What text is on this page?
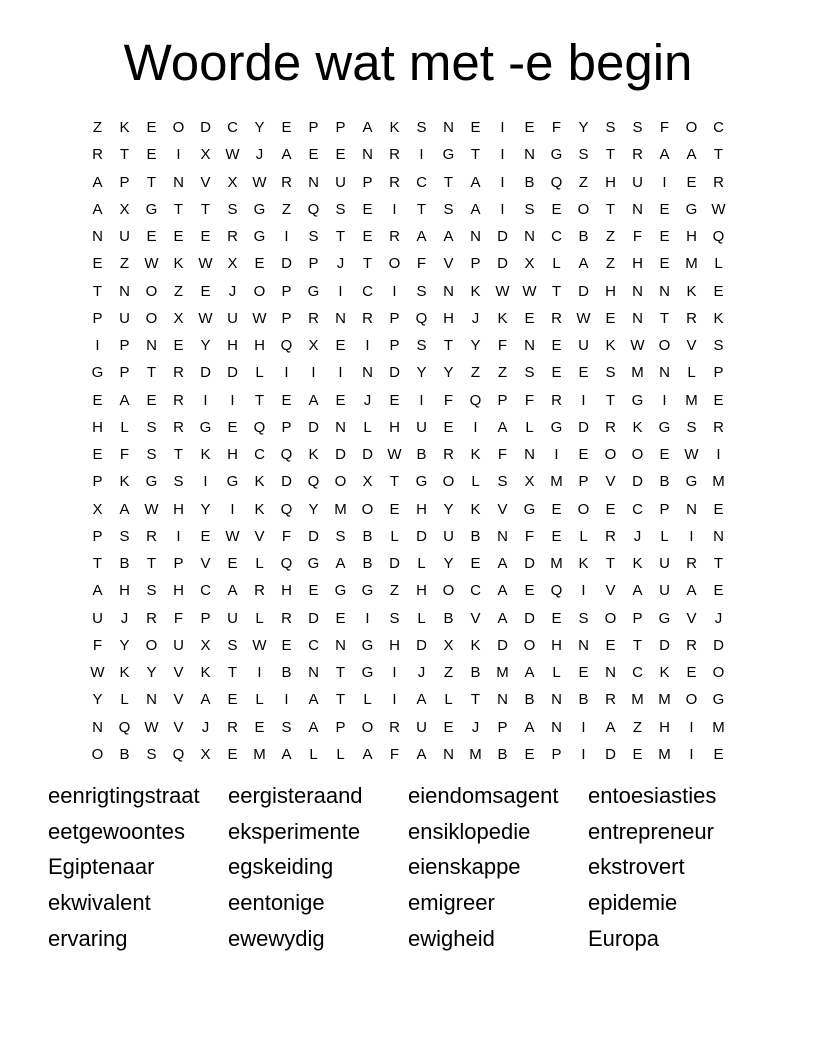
Woorde wat met -e begin
Z	K	E	O	D	C	Y	E	P	P	A	K	S	N	E	I	E	F	Y	S	S	F	O	C
R	T	E	I	X	W	J	A	E	E	N	R	I	G	T	I	N	G	S	T	R	A	A	T
A	P	T	N	V	X	W	R	N	U	P	R	C	T	A	I	B	Q	Z	H	U	I	E	R
A	X	G	T	T	S	G	Z	Q	S	E	I	T	S	A	I	S	E	O	T	N	E	G	W
N	U	E	E	E	R	G	I	S	T	E	R	A	A	N	D	N	C	B	Z	F	E	H	Q
E	Z	W	K	W	X	E	D	P	J	T	O	F	V	P	D	X	L	A	Z	H	E	M	L
T	N	O	Z	E	J	O	P	G	I	C	I	S	N	K	W	W	T	D	H	N	N	K	E
P	U	O	X	W	U	W	P	R	N	R	P	Q	H	J	K	E	R	W	E	N	T	R	K
I	P	N	E	Y	H	H	Q	X	E	I	P	S	T	Y	F	N	E	U	K	W	O	V	S
G	P	T	R	D	D	L	I	I	I	N	D	Y	Y	Z	Z	S	E	E	S	M	N	L	P
E	A	E	R	I	I	T	E	A	E	J	E	I	F	Q	P	F	R	I	T	G	I	M	E
H	L	S	R	G	E	Q	P	D	N	L	H	U	E	I	A	L	G	D	R	K	G	S	R
E	F	S	T	K	H	C	Q	K	D	D	W	B	R	K	F	N	I	E	O	O	E	W	I
P	K	G	S	I	G	K	D	Q	O	X	T	G	O	L	S	X	M	P	V	D	B	G	M
X	A	W	H	Y	I	K	Q	Y	M	O	E	H	Y	K	V	G	E	O	E	C	P	N	E
P	S	R	I	E	W	V	F	D	S	B	L	D	U	B	N	F	E	L	R	J	L	I	N
T	B	T	P	V	E	L	Q	G	A	B	D	L	Y	E	A	D	M	K	T	K	U	R	T
A	H	S	H	C	A	R	H	E	G	G	Z	H	O	C	A	E	Q	I	V	A	U	A	E
U	J	R	F	P	U	L	R	D	E	I	S	L	B	V	A	D	E	S	O	P	G	V	J
F	Y	O	U	X	S	W	E	C	N	G	H	D	X	K	D	O	H	N	E	T	D	R	D
W	K	Y	V	K	T	I	B	N	T	G	I	J	Z	B	M	A	L	E	N	C	K	E	O
Y	L	N	V	A	E	L	I	A	T	L	I	A	L	T	N	B	N	B	R	M	M	O	G
N	Q	W	V	J	R	E	S	A	P	O	R	U	E	J	P	A	N	I	A	Z	H	I	M
O	B	S	Q	X	E	M	A	L	L	A	F	A	N	M	B	E	P	I	D	E	M	I	E
eenrigtingstraat	eergisteraand	eiendomsagent	entoesiasties
eetgewoontes	eksperimente	ensiklopedie	entrepreneur
Egiptenaar	egskeiding	eienskappe	ekstrovert
ekwivalent	eentonige	emigreer	epidemie
ervaring	ewewydig	ewigheid	Europa
